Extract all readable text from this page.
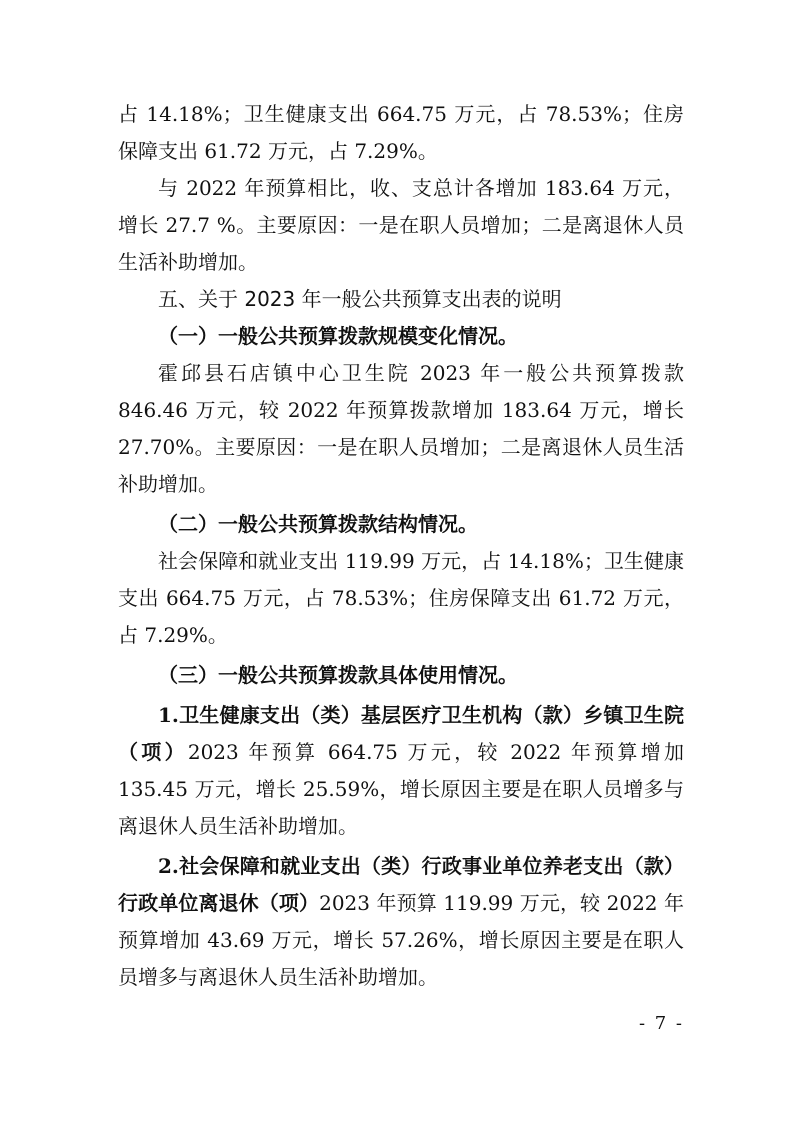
占 14.18%；卫生健康支出 664.75 万元，占 78.53%；住房保障支出 61.72 万元，占 7.29%。

与 2022 年预算相比，收、支总计各增加 183.64 万元，增长 27.7 %。主要原因：一是在职人员增加；二是离退休人员生活补助增加。

五、关于 2023 年一般公共预算支出表的说明

（一）一般公共预算拨款规模变化情况。

霍邱县石店镇中心卫生院 2023 年一般公共预算拨款 846.46 万元，较 2022 年预算拨款增加 183.64 万元，增长 27.70%。主要原因：一是在职人员增加；二是离退休人员生活补助增加。

（二）一般公共预算拨款结构情况。

社会保障和就业支出 119.99 万元，占 14.18%；卫生健康支出 664.75 万元，占 78.53%；住房保障支出 61.72 万元，占 7.29%。

（三）一般公共预算拨款具体使用情况。

1.卫生健康支出（类）基层医疗卫生机构（款）乡镇卫生院（项）2023 年预算 664.75 万元，较 2022 年预算增加 135.45 万元，增长 25.59%，增长原因主要是在职人员增多与离退休人员生活补助增加。

2.社会保障和就业支出（类）行政事业单位养老支出（款）行政单位离退休（项）2023 年预算 119.99 万元，较 2022 年预算增加 43.69 万元，增长 57.26%，增长原因主要是在职人员增多与离退休人员生活补助增加。

- 7 -
